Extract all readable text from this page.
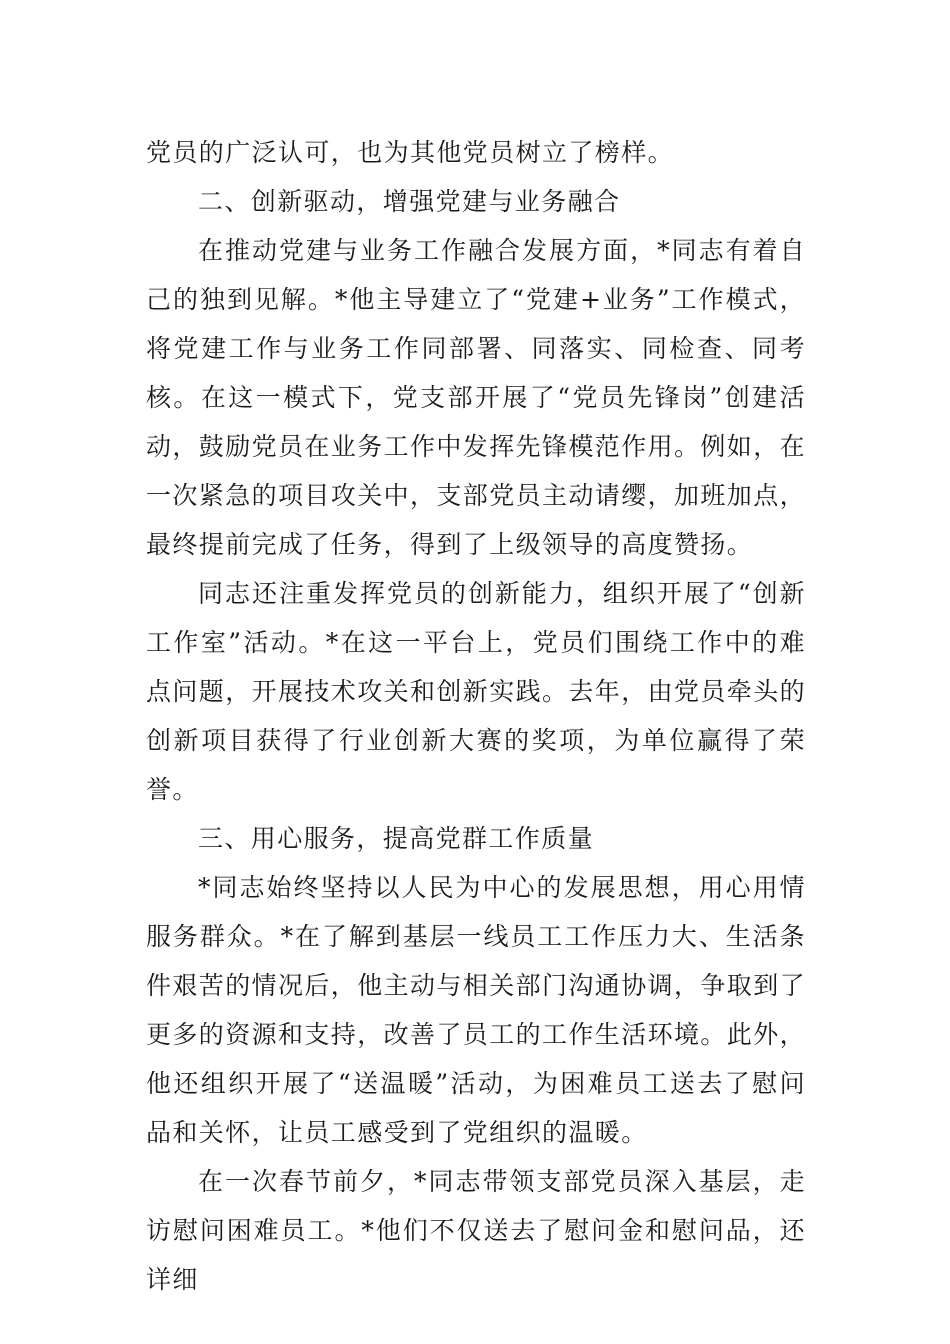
党员的广泛认可，也为其他党员树立了榜样。

二、创新驱动，增强党建与业务融合

在推动党建与业务工作融合发展方面，*同志有着自己的独到见解。*他主导建立了“党建+业务”工作模式，将党建工作与业务工作同部署、同落实、同检查、同考核。在这一模式下，党支部开展了“党员先锋岗”创建活动，鼓励党员在业务工作中发挥先锋模范作用。例如，在一次紧急的项目攻关中，支部党员主动请缨，加班加点，最终提前完成了任务，得到了上级领导的高度赞扬。

同志还注重发挥党员的创新能力，组织开展了“创新工作室”活动。*在这一平台上，党员们围绕工作中的难点问题，开展技术攻关和创新实践。去年，由党员牵头的创新项目获得了行业创新大赛的奖项，为单位赢得了荣誉。

三、用心服务，提高党群工作质量

*同志始终坚持以人民为中心的发展思想，用心用情服务群众。*在了解到基层一线员工工作压力大、生活条件艰苦的情况后，他主动与相关部门沟通协调，争取到了更多的资源和支持，改善了员工的工作生活环境。此外，他还组织开展了“送温暖”活动，为困难员工送去了慰问品和关怀，让员工感受到了党组织的温暖。

在一次春节前夕，*同志带领支部党员深入基层，走访慰问困难员工。*他们不仅送去了慰问金和慰问品，还详细
